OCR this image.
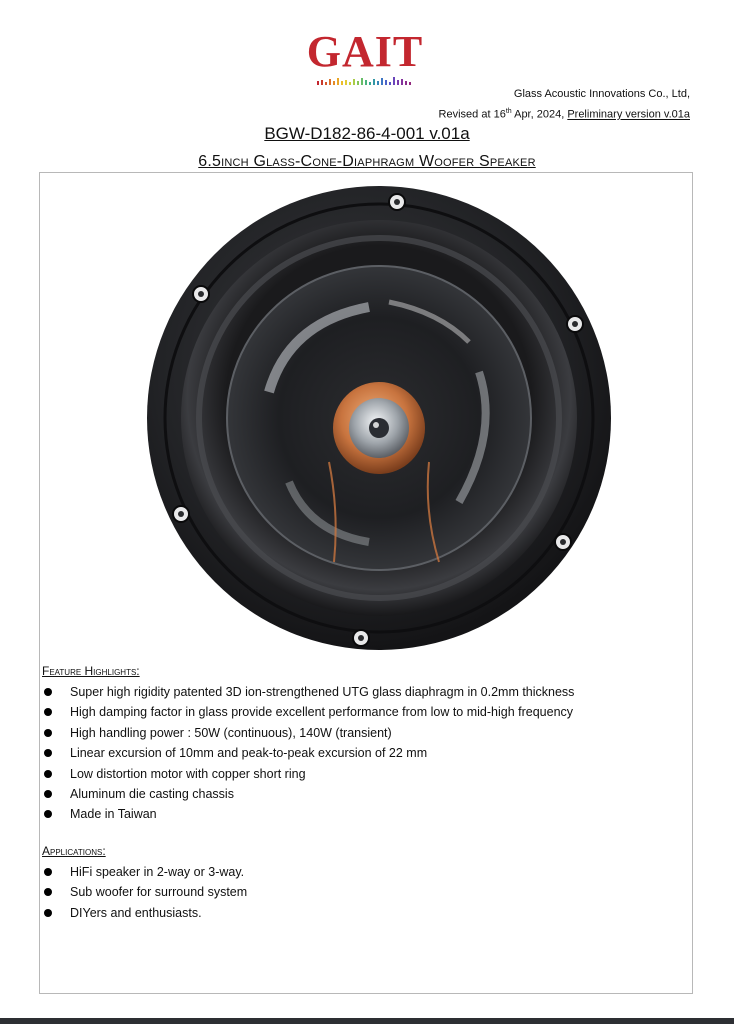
GAIT
Glass Acoustic Innovations Co., Ltd,
Revised at 16th Apr, 2024, Preliminary version v.01a
BGW-D182-86-4-001 v.01a
6.5inch Glass-Cone-Diaphragm Woofer Speaker
Feature Highlights:
Super high rigidity patented 3D ion-strengthened UTG glass diaphragm in 0.2mm thickness
High damping factor in glass provide excellent performance from low to mid-high frequency
High handling power : 50W (continuous), 140W (transient)
Linear excursion of 10mm and peak-to-peak excursion of 22 mm
Low distortion motor with copper short ring
Aluminum die casting chassis
Made in Taiwan
Applications:
HiFi speaker in 2-way or 3-way.
Sub woofer for surround system
DIYers and enthusiasts.
